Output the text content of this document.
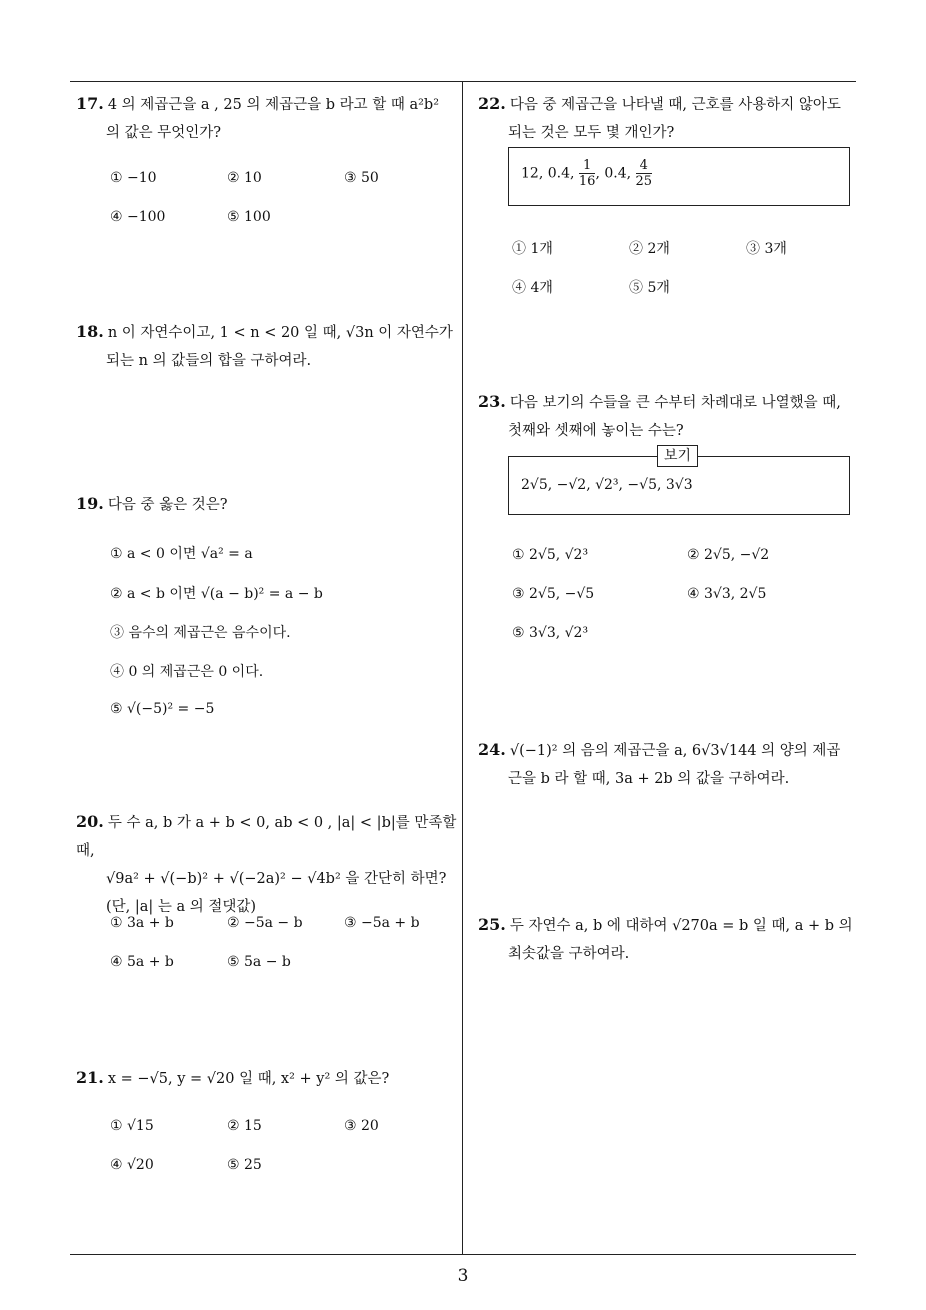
17. 4 의 제곱근을 a , 25 의 제곱근을 b 라고 할 때 a²b²
의 값은 무엇인가?
① −10	② 10	③ 50
④ −100	⑤ 100
18. n 이 자연수이고, 1 < n < 20 일 때, √3n 이 자연수가
되는 n 의 값들의 합을 구하여라.
19. 다음 중 옳은 것은?
① a < 0 이면 √a² = a
② a < b 이면 √(a − b)² = a − b
③ 음수의 제곱근은 음수이다.
④ 0 의 제곱근은 0 이다.
⑤ √(−5)² = −5
20. 두 수 a, b 가 a + b < 0, ab < 0 , |a| < |b|를 만족할 때,
√9a² + √(−b)² + √(−2a)² − √4b² 을 간단히 하면?
(단, |a| 는 a 의 절댓값)
① 3a + b	② −5a − b	③ −5a + b
④ 5a + b	⑤ 5a − b
21. x = −√5, y = √20 일 때, x² + y² 의 값은?
① √15	② 15	③ 20
④ √20	⑤ 25
22. 다음 중 제곱근을 나타낼 때, 근호를 사용하지 않아도
되는 것은 모두 몇 개인가?
12, 0.4, $\frac{1}{16}$ , 0.4̇, $\frac{4}{25}$
① 1개	② 2개	③ 3개
④ 4개	⑤ 5개
23. 다음 보기의 수들을 큰 수부터 차례대로 나열했을 때,
첫째와 셋째에 놓이는 수는?
2√5, −√2, √2³, −√5, 3√3
보기
① 2√5, √2³	② 2√5, −√2
③ 2√5, −√5	④ 3√3, 2√5
⑤ 3√3, √2³
24. √(−1)² 의 음의 제곱근을 a, 6√3√144 의 양의 제곱
근을 b 라 할 때, 3a + 2b 의 값을 구하여라.
25. 두 자연수 a, b 에 대하여 √270a = b 일 때, a + b 의
최솟값을 구하여라.
3
